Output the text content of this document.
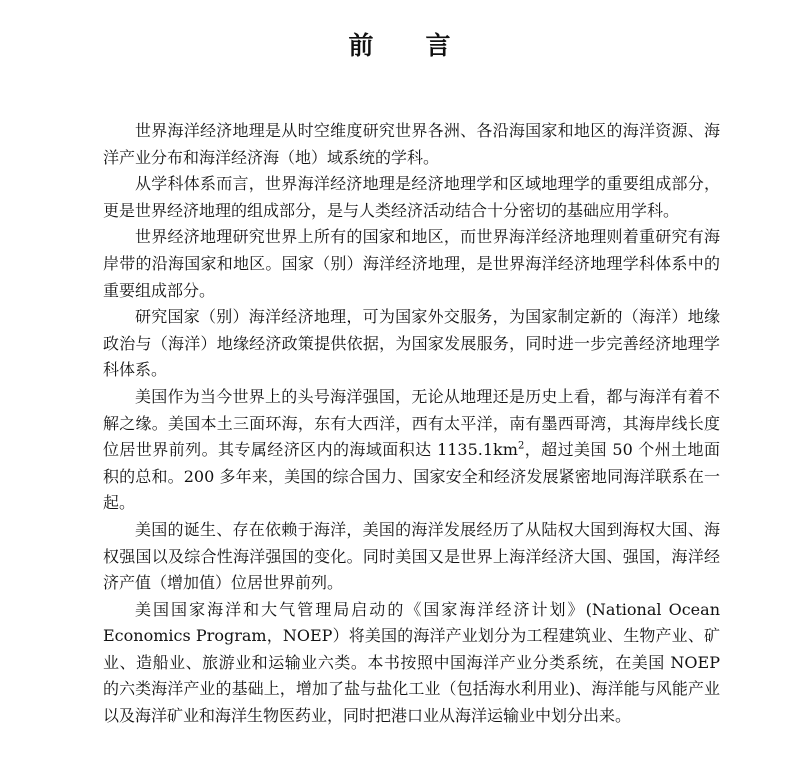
前 言

世界海洋经济地理是从时空维度研究世界各洲、各沿海国家和地区的海洋资源、海洋产业分布和海洋经济海（地）域系统的学科。

从学科体系而言，世界海洋经济地理是经济地理学和区域地理学的重要组成部分，更是世界经济地理的组成部分，是与人类经济活动结合十分密切的基础应用学科。

世界经济地理研究世界上所有的国家和地区，而世界海洋经济地理则着重研究有海岸带的沿海国家和地区。国家（别）海洋经济地理，是世界海洋经济地理学科体系中的重要组成部分。

研究国家（别）海洋经济地理，可为国家外交服务，为国家制定新的（海洋）地缘政治与（海洋）地缘经济政策提供依据，为国家发展服务，同时进一步完善经济地理学科体系。

美国作为当今世界上的头号海洋强国，无论从地理还是历史上看，都与海洋有着不解之缘。美国本土三面环海，东有大西洋，西有太平洋，南有墨西哥湾，其海岸线长度位居世界前列。其专属经济区内的海域面积达 $1135.1km^2$，超过美国 50 个州土地面积的总和。200 多年来，美国的综合国力、国家安全和经济发展紧密地同海洋联系在一起。

美国的诞生、存在依赖于海洋，美国的海洋发展经历了从陆权大国到海权大国、海权强国以及综合性海洋强国的变化。同时美国又是世界上海洋经济大国、强国，海洋经济产值（增加值）位居世界前列。

美国国家海洋和大气管理局启动的《国家海洋经济计划》(National Ocean Economics Program，NOEP）将美国的海洋产业划分为工程建筑业、生物产业、矿业、造船业、旅游业和运输业六类。本书按照中国海洋产业分类系统，在美国 NOEP 的六类海洋产业的基础上，增加了盐与盐化工业（包括海水利用业)、海洋能与风能产业以及海洋矿业和海洋生物医药业，同时把港口业从海洋运输业中划分出来。
